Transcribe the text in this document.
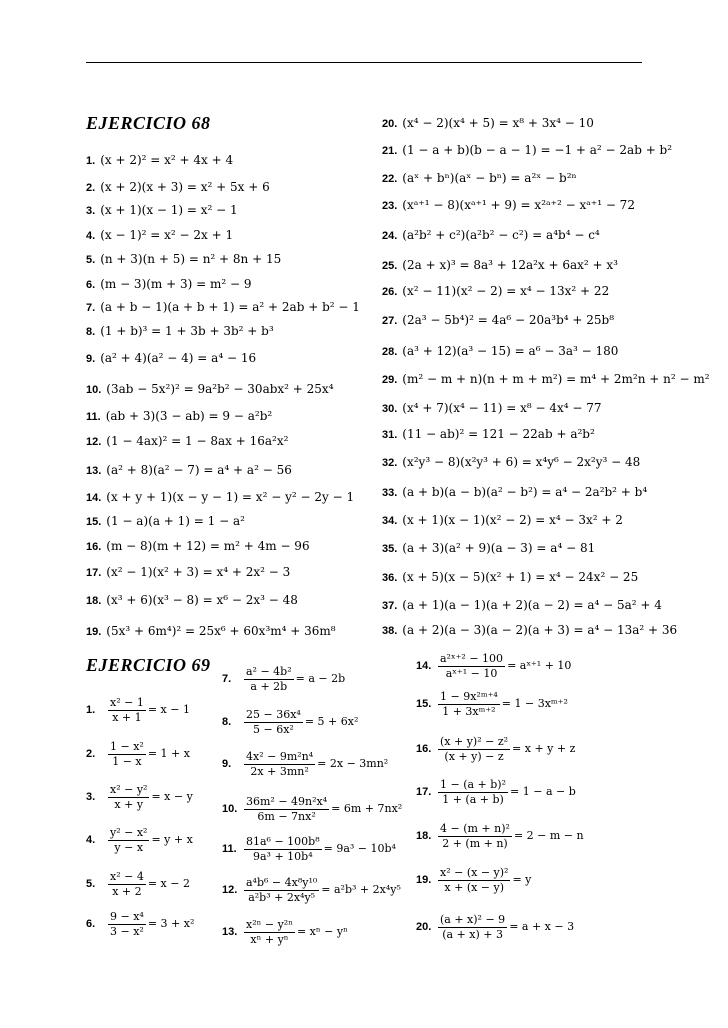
EJERCICIO 68
EJERCICIO 69
1. (x + 2)² = x² + 4x + 4
2. (x + 2)(x + 3) = x² + 5x + 6
3. (x + 1)(x − 1) = x² − 1
4. (x − 1)² = x² − 2x + 1
5. (n + 3)(n + 5) = n² + 8n + 15
6. (m − 3)(m + 3) = m² − 9
7. (a + b − 1)(a + b + 1) = a² + 2ab + b² − 1
8. (1 + b)³ = 1 + 3b + 3b² + b³
9. (a² + 4)(a² − 4) = a⁴ − 16
10. (3ab − 5x²)² = 9a²b² − 30abx² + 25x⁴
11. (ab + 3)(3 − ab) = 9 − a²b²
12. (1 − 4ax)² = 1 − 8ax + 16a²x²
13. (a² + 8)(a² − 7) = a⁴ + a² − 56
14. (x + y + 1)(x − y − 1) = x² − y² − 2y − 1
15. (1 − a)(a + 1) = 1 − a²
16. (m − 8)(m + 12) = m² + 4m − 96
17. (x² − 1)(x² + 3) = x⁴ + 2x² − 3
18. (x³ + 6)(x³ − 8) = x⁶ − 2x³ − 48
19. (5x³ + 6m⁴)² = 25x⁶ + 60x³m⁴ + 36m⁸
20. (x⁴ − 2)(x⁴ + 5) = x⁸ + 3x⁴ − 10
21. (1 − a + b)(b − a − 1) = −1 + a² − 2ab + b²
22. (aˣ + bⁿ)(aˣ − bⁿ) = a²ˣ − b²ⁿ
23. (xᵃ⁺¹ − 8)(xᵃ⁺¹ + 9) = x²ᵃ⁺² − xᵃ⁺¹ − 72
24. (a²b² + c²)(a²b² − c²) = a⁴b⁴ − c⁴
25. (2a + x)³ = 8a³ + 12a²x + 6ax² + x³
26. (x² − 11)(x² − 2) = x⁴ − 13x² + 22
27. (2a³ − 5b⁴)² = 4a⁶ − 20a³b⁴ + 25b⁸
28. (a³ + 12)(a³ − 15) = a⁶ − 3a³ − 180
29. (m² − m + n)(n + m + m²) = m⁴ + 2m²n + n² − m²
30. (x⁴ + 7)(x⁴ − 11) = x⁸ − 4x⁴ − 77
31. (11 − ab)² = 121 − 22ab + a²b²
32. (x²y³ − 8)(x²y³ + 6) = x⁴y⁶ − 2x²y³ − 48
33. (a + b)(a − b)(a² − b²) = a⁴ − 2a²b² + b⁴
34. (x + 1)(x − 1)(x² − 2) = x⁴ − 3x² + 2
35. (a + 3)(a² + 9)(a − 3) = a⁴ − 81
36. (x + 5)(x − 5)(x² + 1) = x⁴ − 24x² − 25
37. (a + 1)(a − 1)(a + 2)(a − 2) = a⁴ − 5a² + 4
38. (a + 2)(a − 3)(a − 2)(a + 3) = a⁴ − 13a² + 36
1. $\frac{\text{x² − 1}}{x + 1} = x - 1$
2. $\frac{\text{1 − x²}}{1 - x} = 1 + x$
3. $\frac{\text{x² − y²}}{x + y} = x - y$
4. $\frac{\text{y² − x²}}{y - x} = y + x$
5. $\frac{\text{x² − 4}}{x + 2} = x - 2$
6. $\frac{\text{9 − x⁴}}{\text{3 − x²}} = 3 + x^2$
7. $\frac{\text{a² − 4b²}}{a + 2b} = a - 2b$
8. $\frac{\text{25 − 36x⁴}}{\text{5 − 6x²}} = 5 + 6x^2$
9. $\frac{\text{4x² − 9m²n⁴}}{\text{2x + 3mn²}} = 2x - 3mn^2$
10. $\frac{\text{36m² − 49n²x⁴}}{\text{6m − 7nx²}} = 6m + 7nx^2$
11. $\frac{\text{81a⁶ − 100b⁸}}{\text{9a³ + 10b⁴}} = 9a^3 - 10b^4$
12. $\frac{\text{a⁴b⁶ − 4x⁸y¹⁰}}{\text{a²b³ + 2x⁴y⁵}} = a^2b^3 + 2x^4y^5$
13. $\frac{\text{x²ⁿ − y²ⁿ}}{\text{xⁿ + yⁿ}} = x^n - y^n$
14. $\frac{\text{a²ˣ⁺² − 100}}{\text{aˣ⁺¹ − 10}}$ = aˣ⁺¹ + 10
15. $\frac{\text{1 − 9x²ᵐ⁺⁴}}{\text{1 + 3xᵐ⁺²}} = 1$ − 3xᵐ⁺²
16. $\frac{\text{(x + y)² − z²}}{(x + y) - z} = x + y + z$
17. $\frac{\text{1 − (a + b)²}}{1 + (a + b)} = 1 - a - b$
18. $\frac{\text{4 − (m + n)²}}{2 + (m + n)} = 2 - m - n$
19. $\frac{\text{x² − (x − y)²}}{x + (x - y)} = y$
20. $\frac{\text{(a + x)² − 9}}{(a + x) + 3} = a + x - 3$
